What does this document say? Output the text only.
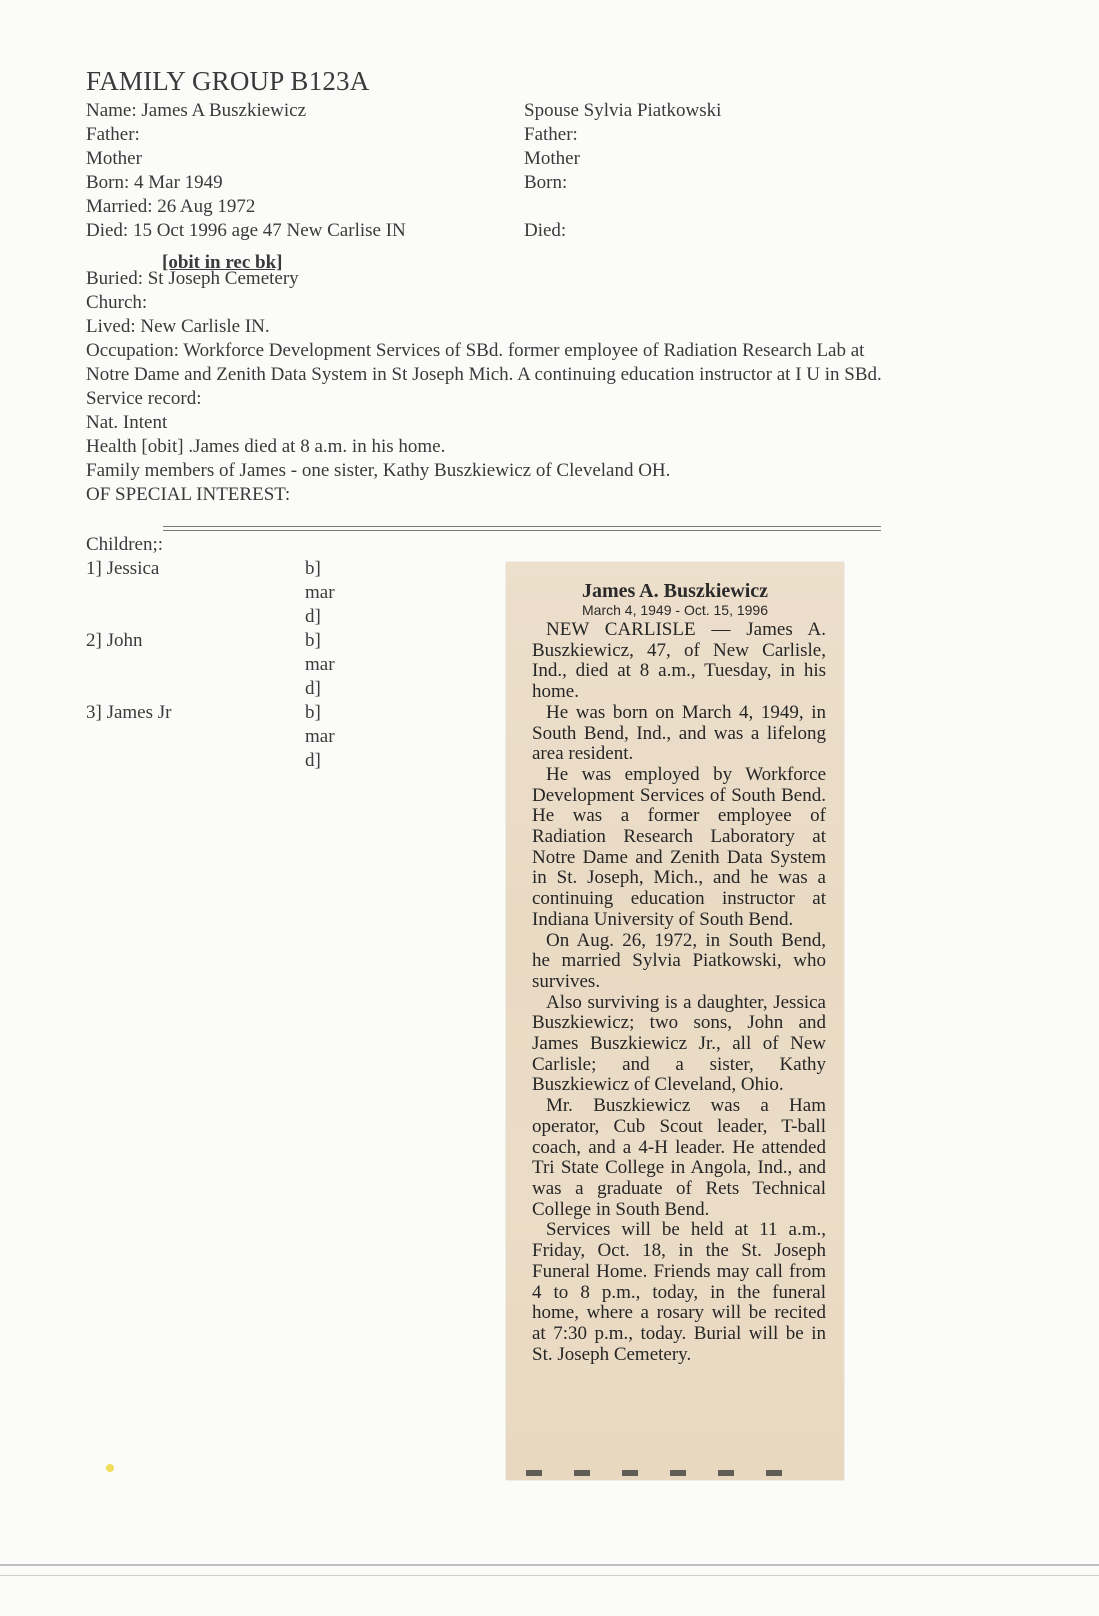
FAMILY GROUP B123A
Name: James A Buszkiewicz
Father:
Mother
Born: 4 Mar 1949
Married: 26 Aug 1972
Died: 15 Oct 1996 age 47 New Carlise IN
[obit in rec bk]
Buried: St Joseph Cemetery
Church:
Lived: New Carlisle IN.
Occupation: Workforce Development Services of SBd. former employee of Radiation Research Lab at
Notre Dame and Zenith Data System in St Joseph Mich. A continuing education instructor at I U in SBd.
Service record:
Nat. Intent
Health [obit] .James died at 8 a.m. in his home.
Family members of James - one sister, Kathy Buszkiewicz of Cleveland OH.
OF SPECIAL INTEREST:
Spouse Sylvia Piatkowski
Father:
Mother
Born:
Died:
Children;:
1] Jessica	b]
mar
d]
2] John	b]
mar
d]
3] James Jr	b]
mar
d]
James A. Buszkiewicz
March 4, 1949 - Oct. 15, 1996

NEW CARLISLE — James A. Buszkiewicz, 47, of New Carlisle, Ind., died at 8 a.m., Tuesday, in his home.

He was born on March 4, 1949, in South Bend, Ind., and was a lifelong area resident.

He was employed by Workforce Development Services of South Bend. He was a former employee of Radiation Research Laboratory at Notre Dame and Zenith Data System in St. Joseph, Mich., and he was a continuing education instructor at Indiana University of South Bend.

On Aug. 26, 1972, in South Bend, he married Sylvia Piatkowski, who survives.

Also surviving is a daughter, Jessica Buszkiewicz; two sons, John and James Buszkiewicz Jr., all of New Carlisle; and a sister, Kathy Buszkiewicz of Cleveland, Ohio.

Mr. Buszkiewicz was a Ham operator, Cub Scout leader, T-ball coach, and a 4-H leader. He attended Tri State College in Angola, Ind., and was a graduate of Rets Technical College in South Bend.

Services will be held at 11 a.m., Friday, Oct. 18, in the St. Joseph Funeral Home. Friends may call from 4 to 8 p.m., today, in the funeral home, where a rosary will be recited at 7:30 p.m., today. Burial will be in St. Joseph Cemetery.
